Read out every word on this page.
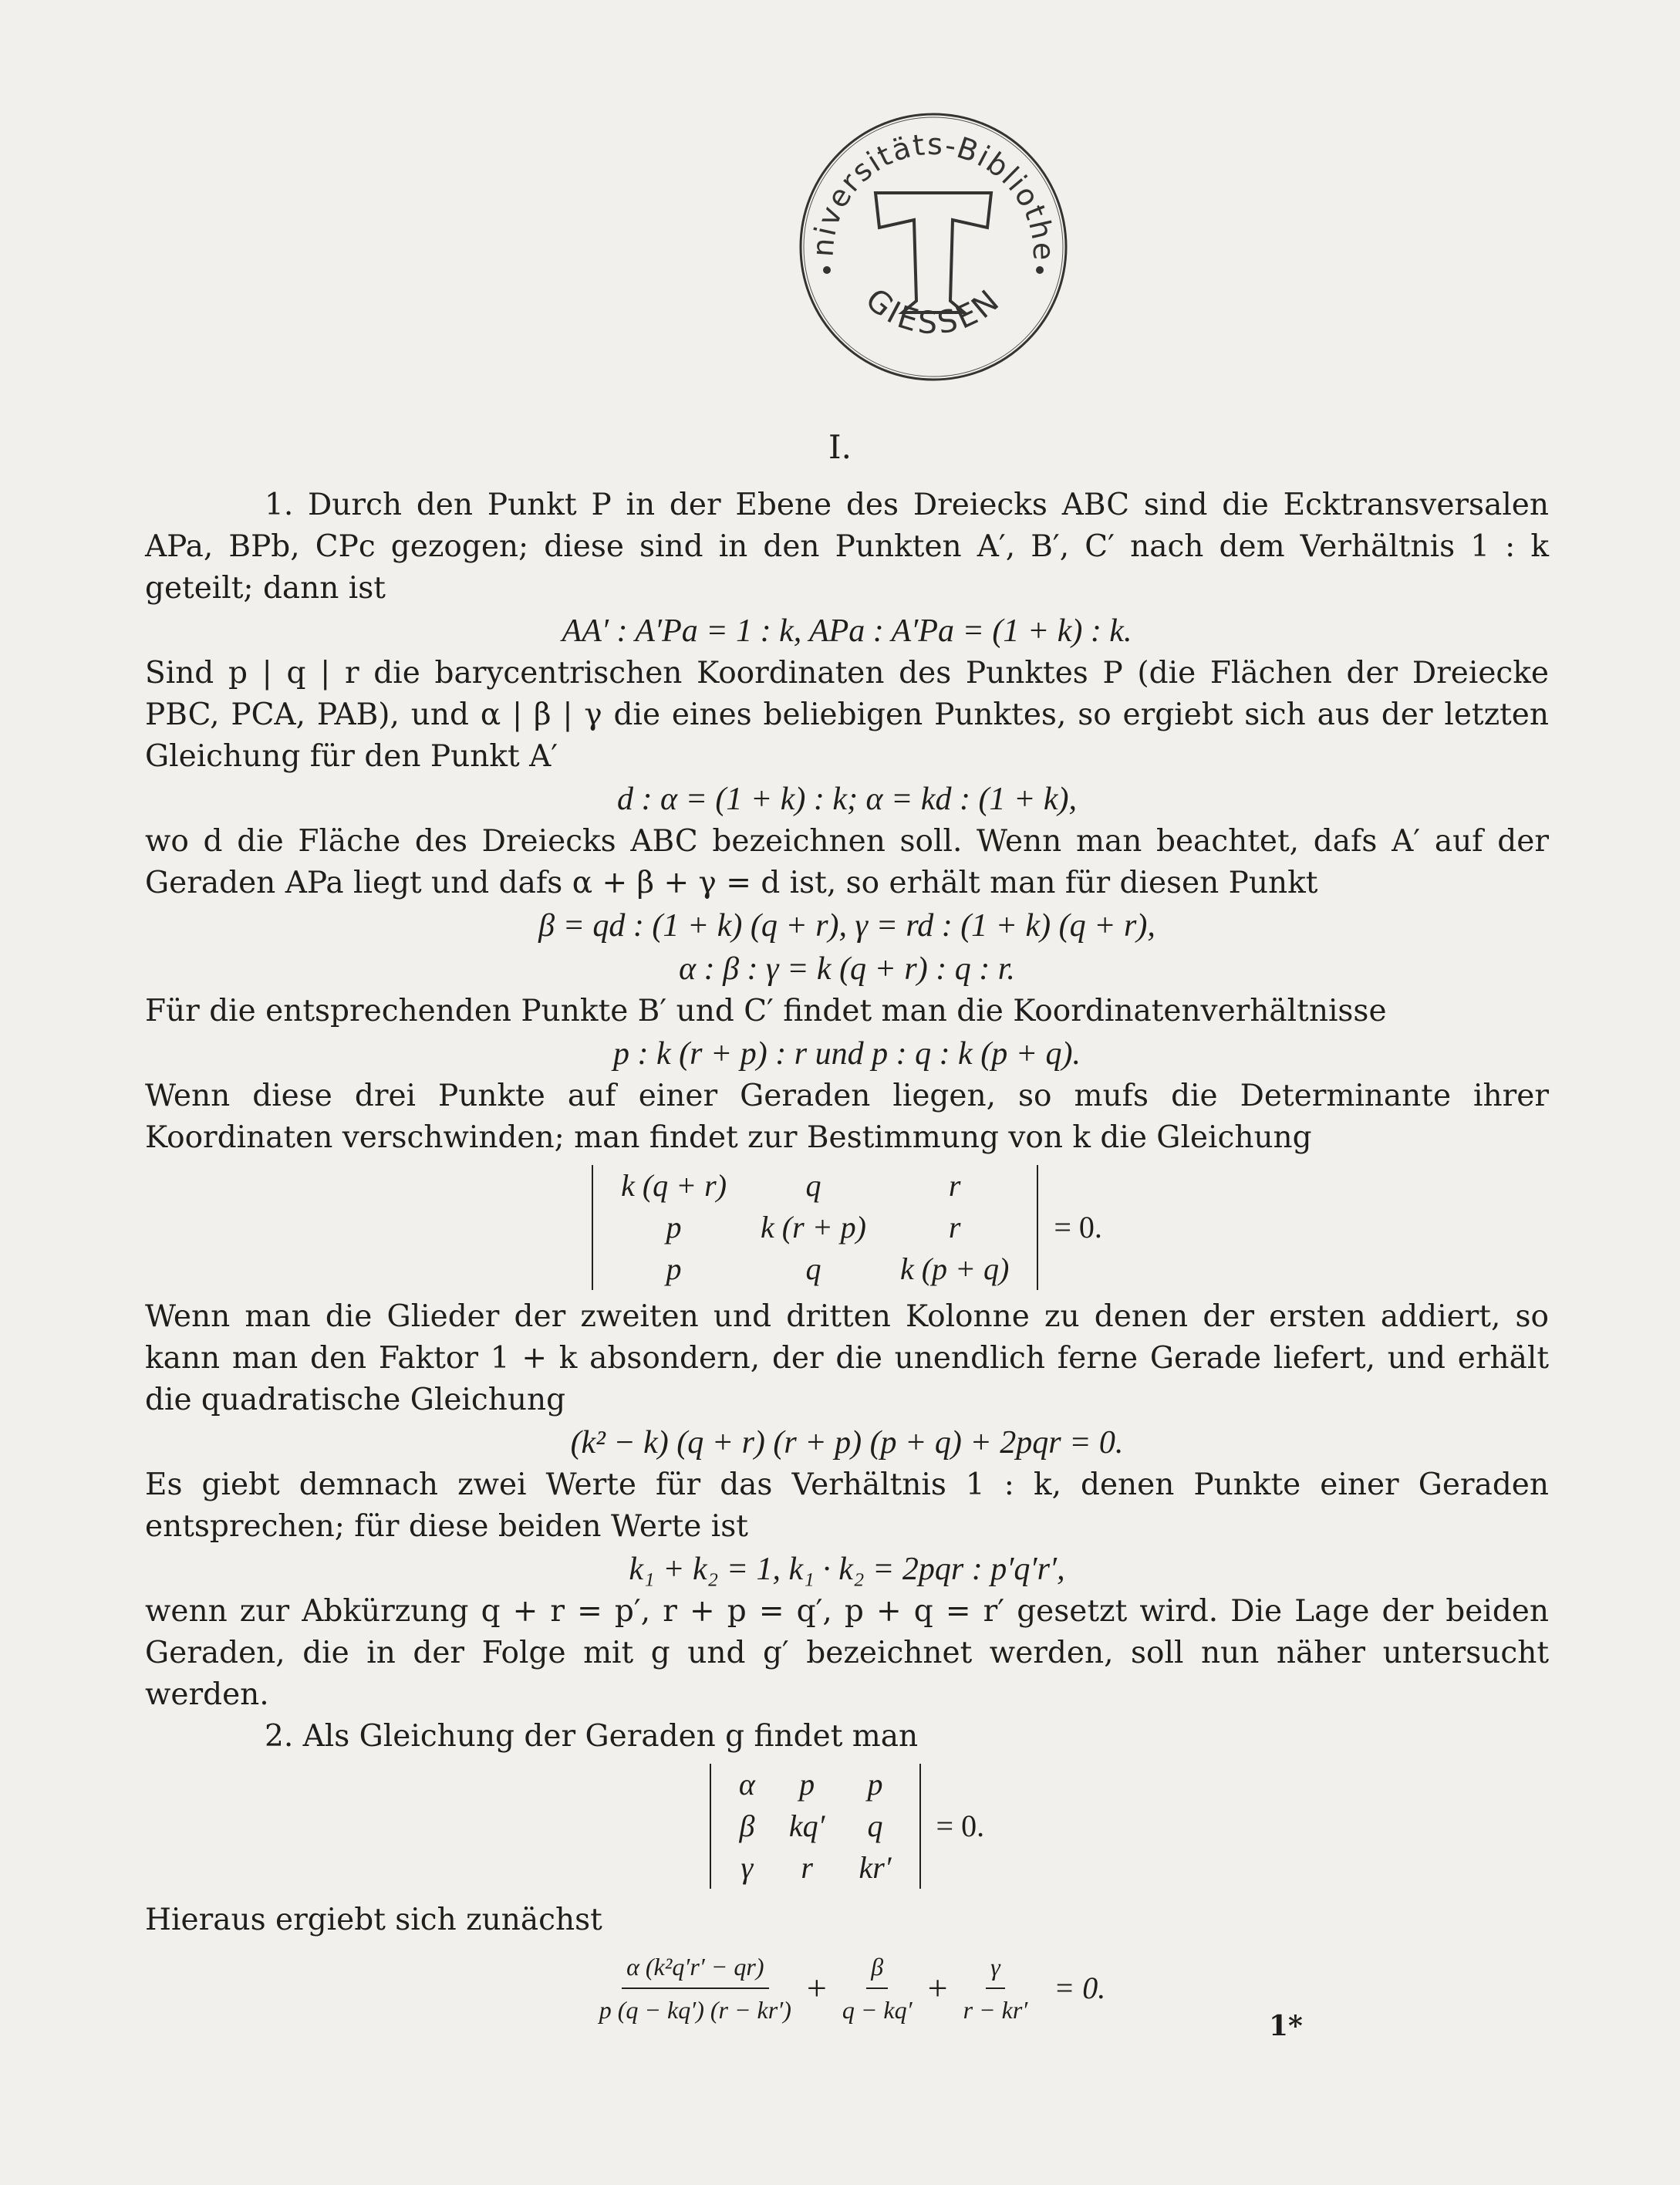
niversitäts-Bibliothe
GIESSEN
I.

1. Durch den Punkt P in der Ebene des Dreiecks ABC sind die Ecktransversalen APa, BPb, CPc gezogen; diese sind in den Punkten A′, B′, C′ nach dem Verhältnis 1 : k geteilt; dann ist

AA′ : A′Pa = 1 : k, APa : A′Pa = (1 + k) : k.

Sind p | q | r die barycentrischen Koordinaten des Punktes P (die Flächen der Dreiecke PBC, PCA, PAB), und α | β | γ die eines beliebigen Punktes, so ergiebt sich aus der letzten Gleichung für den Punkt A′

d : α = (1 + k) : k; α = kd : (1 + k),

wo d die Fläche des Dreiecks ABC bezeichnen soll. Wenn man beachtet, dafs A′ auf der Geraden APa liegt und dafs α + β + γ = d ist, so erhält man für diesen Punkt

β = qd : (1 + k) (q + r), γ = rd : (1 + k) (q + r),

α : β : γ = k (q + r) : q : r.

Für die entsprechenden Punkte B′ und C′ findet man die Koordinatenverhältnisse

p : k (r + p) : r und p : q : k (p + q).

Wenn diese drei Punkte auf einer Geraden liegen, so mufs die Determinante ihrer Koordinaten verschwinden; man findet zur Bestimmung von k die Gleichung

k (q + r)	q	r
p	k (r + p)	r
p	q	k (p + q)
= 0.

Wenn man die Glieder der zweiten und dritten Kolonne zu denen der ersten addiert, so kann man den Faktor 1 + k absondern, der die unendlich ferne Gerade liefert, und erhält die quadratische Gleichung

(k² − k) (q + r) (r + p) (p + q) + 2pqr = 0.

Es giebt demnach zwei Werte für das Verhältnis 1 : k, denen Punkte einer Geraden entsprechen; für diese beiden Werte ist

k₁ + k₂ = 1, k₁ · k₂ = 2pqr : p′q′r′,

wenn zur Abkürzung q + r = p′, r + p = q′, p + q = r′ gesetzt wird. Die Lage der beiden Geraden, die in der Folge mit g und g′ bezeichnet werden, soll nun näher untersucht werden.

2. Als Gleichung der Geraden g findet man

α	p	p
β	kq′	q
γ	r	kr′
= 0.

Hieraus ergiebt sich zunächst

$\frac{\text{α (k²q′r′ − qr)}}{p (q - kq') (r - kr')} + \frac{\beta}{q - kq'} + \frac{\gamma}{r - kr'} = 0$.
1*
